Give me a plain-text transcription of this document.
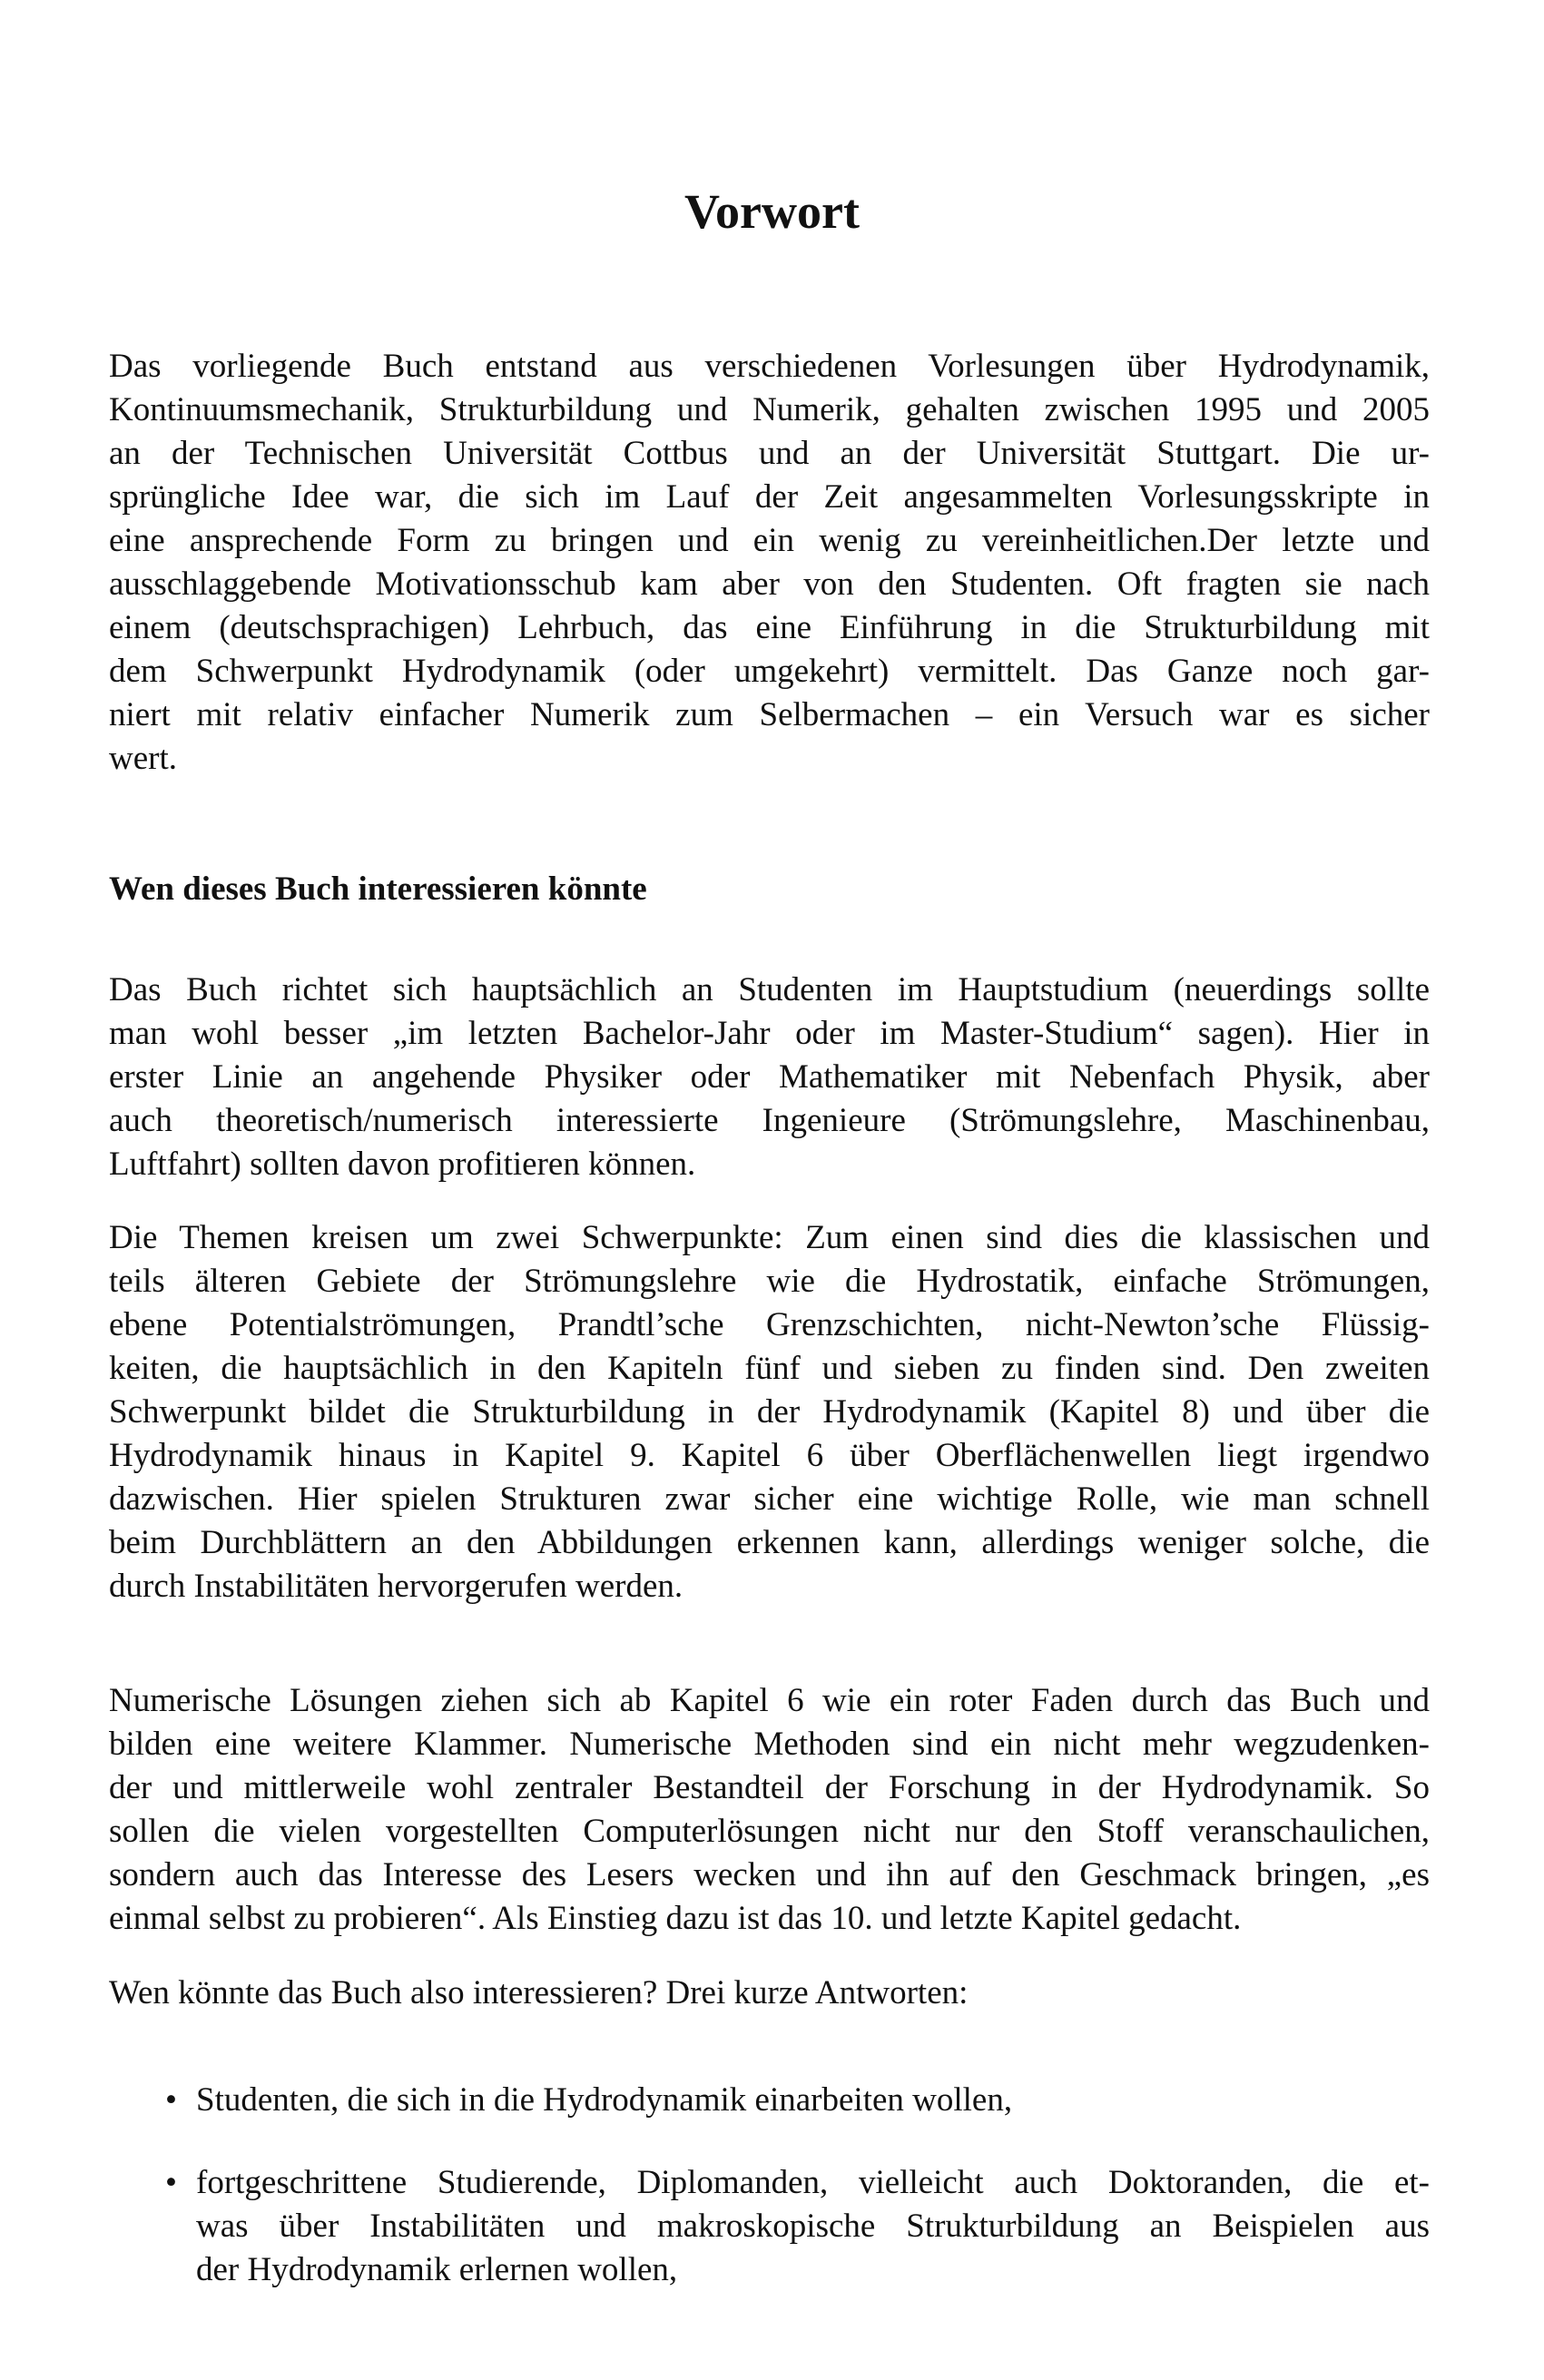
Vorwort
Das vorliegende Buch entstand aus verschiedenen Vorlesungen über Hydrodynamik,
Kontinuumsmechanik, Strukturbildung und Numerik, gehalten zwischen 1995 und 2005
an der Technischen Universität Cottbus und an der Universität Stuttgart. Die ur-
sprüngliche Idee war, die sich im Lauf der Zeit angesammelten Vorlesungsskripte in
eine ansprechende Form zu bringen und ein wenig zu vereinheitlichen.Der letzte und
ausschlaggebende Motivationsschub kam aber von den Studenten. Oft fragten sie nach
einem (deutschsprachigen) Lehrbuch, das eine Einführung in die Strukturbildung mit
dem Schwerpunkt Hydrodynamik (oder umgekehrt) vermittelt. Das Ganze noch gar-
niert mit relativ einfacher Numerik zum Selbermachen – ein Versuch war es sicher
wert.
Wen dieses Buch interessieren könnte
Das Buch richtet sich hauptsächlich an Studenten im Hauptstudium (neuerdings sollte
man wohl besser „im letzten Bachelor-Jahr oder im Master-Studium“ sagen). Hier in
erster Linie an angehende Physiker oder Mathematiker mit Nebenfach Physik, aber
auch theoretisch/numerisch interessierte Ingenieure (Strömungslehre, Maschinenbau,
Luftfahrt) sollten davon profitieren können.
Die Themen kreisen um zwei Schwerpunkte: Zum einen sind dies die klassischen und
teils älteren Gebiete der Strömungslehre wie die Hydrostatik, einfache Strömungen,
ebene Potentialströmungen, Prandtl’sche Grenzschichten, nicht-Newton’sche Flüssig-
keiten, die hauptsächlich in den Kapiteln fünf und sieben zu finden sind. Den zweiten
Schwerpunkt bildet die Strukturbildung in der Hydrodynamik (Kapitel 8) und über die
Hydrodynamik hinaus in Kapitel 9. Kapitel 6 über Oberflächenwellen liegt irgendwo
dazwischen. Hier spielen Strukturen zwar sicher eine wichtige Rolle, wie man schnell
beim Durchblättern an den Abbildungen erkennen kann, allerdings weniger solche, die
durch Instabilitäten hervorgerufen werden.
Numerische Lösungen ziehen sich ab Kapitel 6 wie ein roter Faden durch das Buch und
bilden eine weitere Klammer. Numerische Methoden sind ein nicht mehr wegzudenken-
der und mittlerweile wohl zentraler Bestandteil der Forschung in der Hydrodynamik. So
sollen die vielen vorgestellten Computerlösungen nicht nur den Stoff veranschaulichen,
sondern auch das Interesse des Lesers wecken und ihn auf den Geschmack bringen, „es
einmal selbst zu probieren“. Als Einstieg dazu ist das 10. und letzte Kapitel gedacht.
Wen könnte das Buch also interessieren? Drei kurze Antworten:
• Studenten, die sich in die Hydrodynamik einarbeiten wollen,
• fortgeschrittene Studierende, Diplomanden, vielleicht auch Doktoranden, die et-
was über Instabilitäten und makroskopische Strukturbildung an Beispielen aus
der Hydrodynamik erlernen wollen,
